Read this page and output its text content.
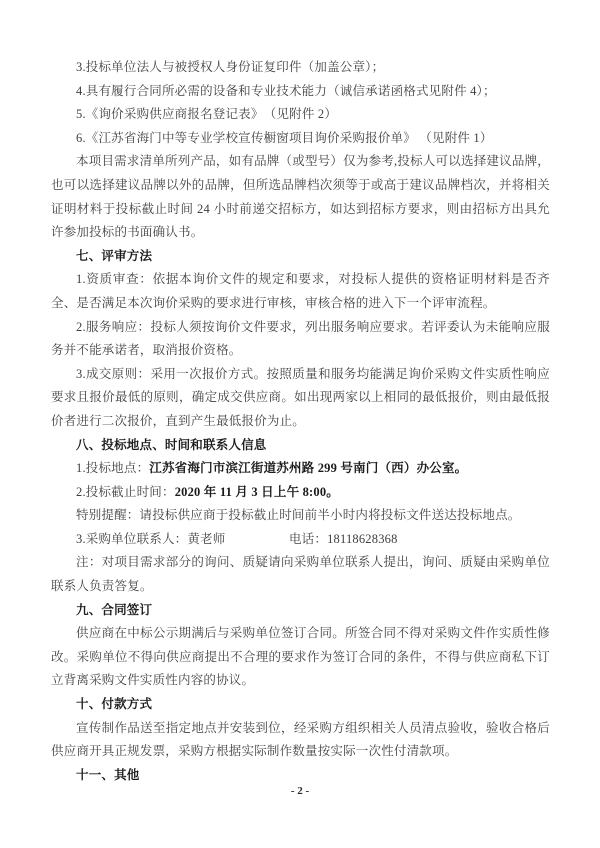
3.投标单位法人与被授权人身份证复印件（加盖公章）；

4.具有履行合同所必需的设备和专业技术能力（诚信承诺函格式见附件 4）；

5.《询价采购供应商报名登记表》　（见附件 2）

6.《江苏省海门中等专业学校宣传橱窗项目询价采购报价单》 （见附件 1）

本项目需求清单所列产品，如有品牌（或型号）仅为参考,投标人可以选择建议品牌，也可以选择建议品牌以外的品牌，但所选品牌档次须等于或高于建议品牌档次，并将相关证明材料于投标截止时间 24 小时前递交招标方，如达到招标方要求，则由招标方出具允许参加投标的书面确认书。

七、评审方法

1.资质审查：依据本询价文件的规定和要求，对投标人提供的资格证明材料是否齐全、是否满足本次询价采购的要求进行审核，审核合格的进入下一个评审流程。

2.服务响应：投标人须按询价文件要求，列出服务响应要求。若评委认为未能响应服务并不能承诺者，取消报价资格。

3.成交原则：采用一次报价方式。按照质量和服务均能满足询价采购文件实质性响应要求且报价最低的原则，确定成交供应商。如出现两家以上相同的最低报价，则由最低报价者进行二次报价，直到产生最低报价为止。

八、投标地点、时间和联系人信息

1.投标地点：江苏省海门市滨江街道苏州路 299 号南门（西）办公室。

2.投标截止时间：2020 年 11 月 3 日上午 8:00。

特别提醒：请投标供应商于投标截止时间前半小时内将投标文件送达投标地点。

3.采购单位联系人：黄老师　　　　　电话：18118628368

注：对项目需求部分的询问、质疑请向采购单位联系人提出，询问、质疑由采购单位联系人负责答复。

九、合同签订

供应商在中标公示期满后与采购单位签订合同。所签合同不得对采购文件作实质性修改。采购单位不得向供应商提出不合理的要求作为签订合同的条件，不得与供应商私下订立背离采购文件实质性内容的协议。

十、付款方式

宣传制作品送至指定地点并安装到位，经采购方组织相关人员清点验收，验收合格后供应商开具正规发票，采购方根据实际制作数量按实际一次性付清款项。

十一、其他
- 2 -
